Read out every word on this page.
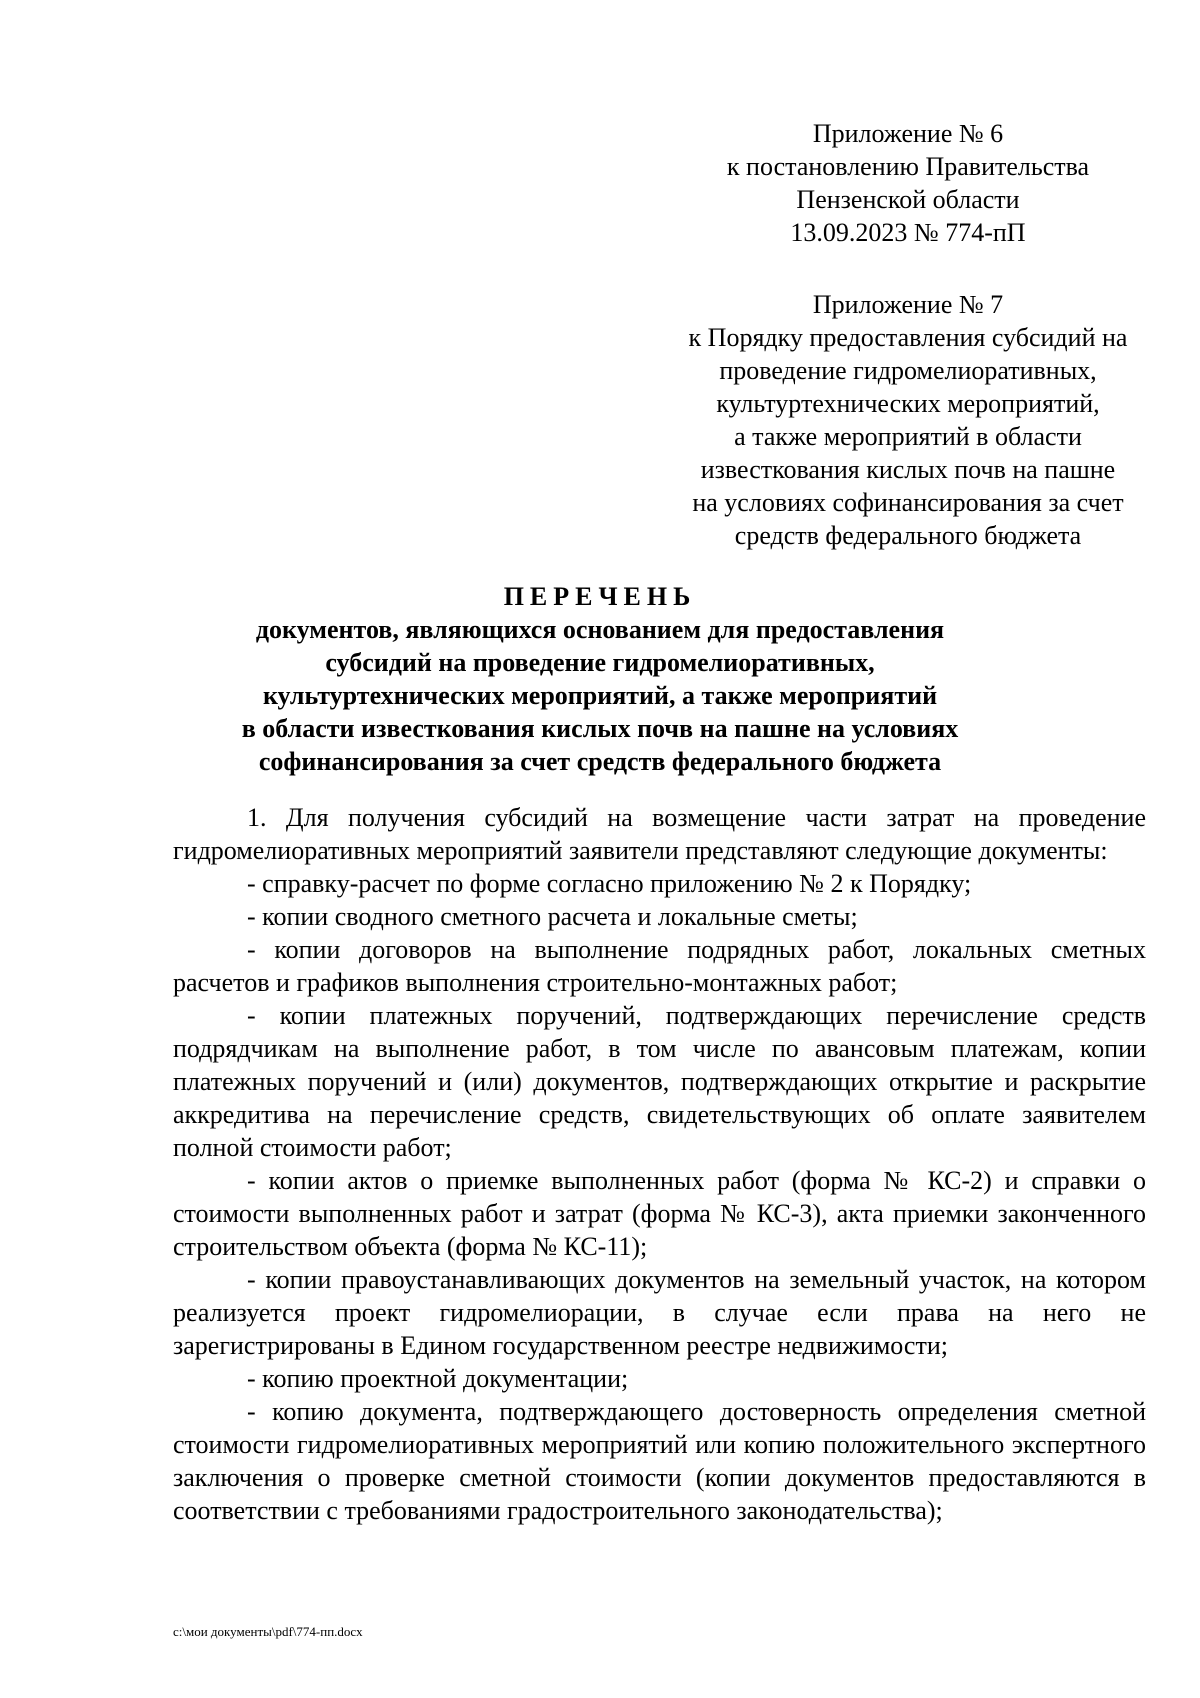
Приложение № 6
к постановлению Правительства
Пензенской области
13.09.2023 № 774-пП
Приложение № 7
к Порядку предоставления субсидий на
проведение гидромелиоративных,
культуртехнических мероприятий,
а также мероприятий в области
известкования кислых почв на пашне
на условиях софинансирования за счет
средств федерального бюджета
ПЕРЕЧЕНЬ
документов, являющихся основанием для предоставления
субсидий на проведение гидромелиоративных,
культуртехнических мероприятий, а также мероприятий
в области известкования кислых почв на пашне на условиях
софинансирования за счет средств федерального бюджета

1. Для получения субсидий на возмещение части затрат на проведение гидромелиоративных мероприятий заявители представляют следующие документы:

- справку-расчет по форме согласно приложению № 2 к Порядку;

- копии сводного сметного расчета и локальные сметы;

- копии договоров на выполнение подрядных работ, локальных сметных расчетов и графиков выполнения строительно-монтажных работ;

- копии платежных поручений, подтверждающих перечисление средств подрядчикам на выполнение работ, в том числе по авансовым платежам, копии платежных поручений и (или) документов, подтверждающих открытие и раскрытие аккредитива на перечисление средств, свидетельствующих об оплате заявителем полной стоимости работ;

- копии актов о приемке выполненных работ (форма № КС-2) и справки о стоимости выполненных работ и затрат (форма № КС-3), акта приемки законченного строительством объекта (форма № КС-11);

- копии правоустанавливающих документов на земельный участок, на котором реализуется проект гидромелиорации, в случае если права на него не зарегистрированы в Едином государственном реестре недвижимости;

- копию проектной документации;

- копию документа, подтверждающего достоверность определения сметной стоимости гидромелиоративных мероприятий или копию положительного экспертного заключения о проверке сметной стоимости (копии документов предоставляются в соответствии с требованиями градостроительного законодательства);

c:\мои документы\pdf\774-пп.docx
